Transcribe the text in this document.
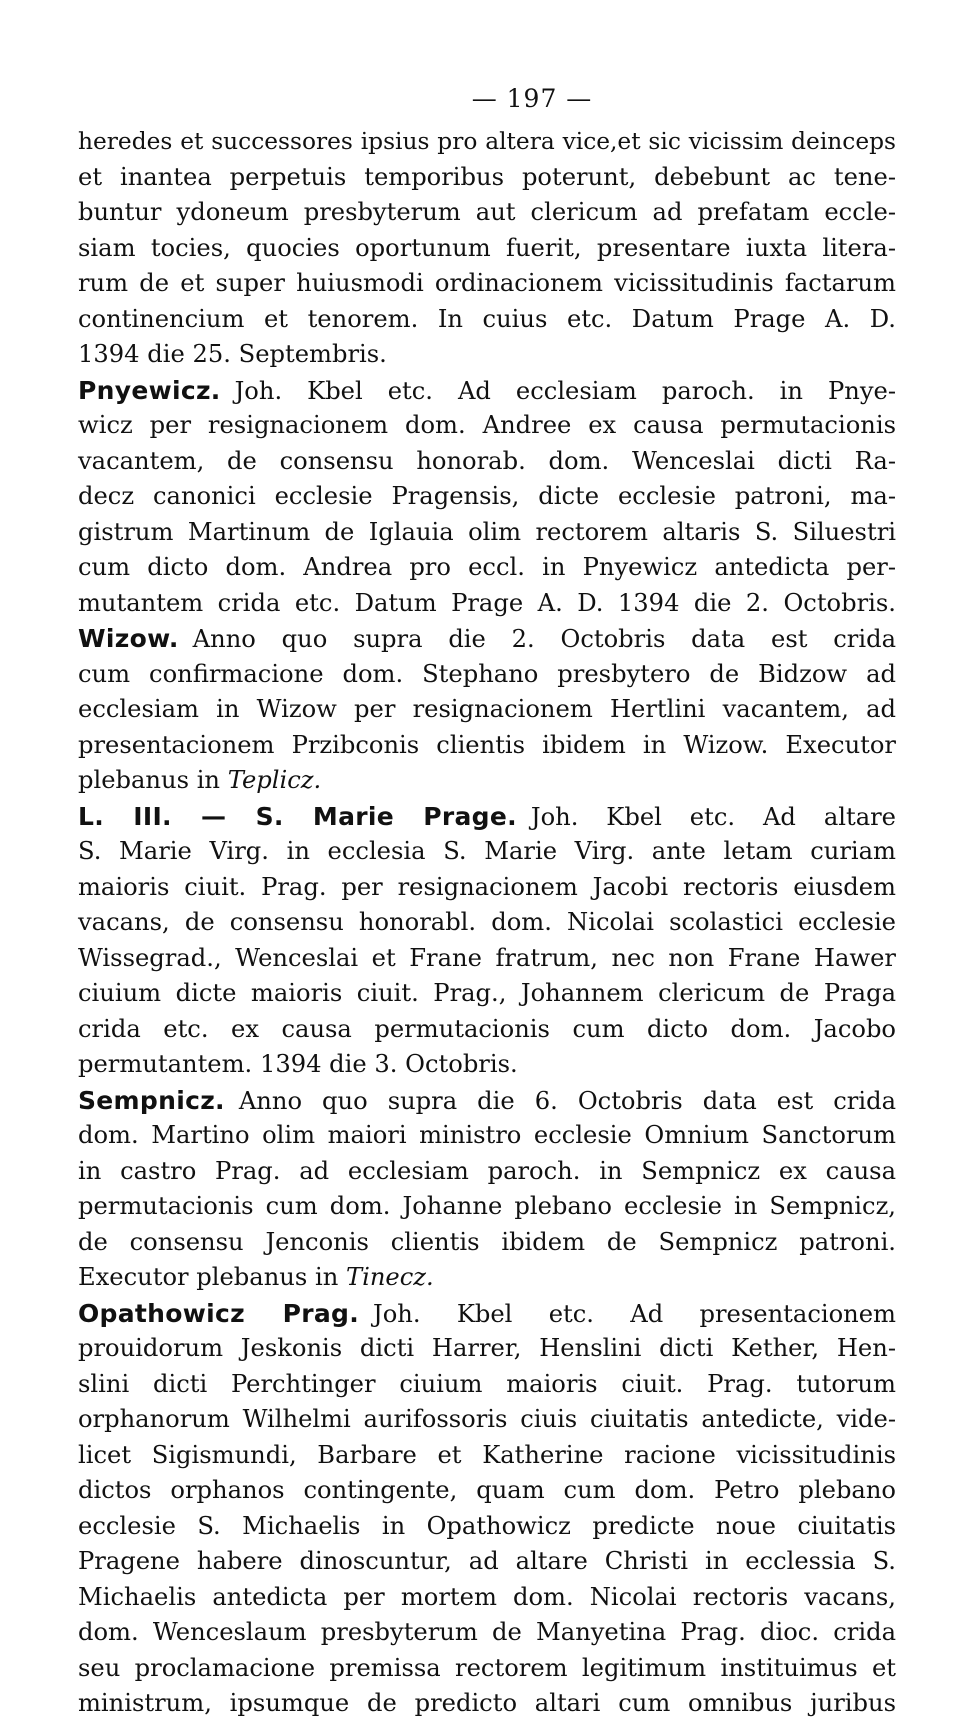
— 197 —
heredes et successores ipsius pro altera vice,et sic vicissim deinceps
et inantea perpetuis temporibus poterunt, debebunt ac tene-
buntur ydoneum presbyterum aut clericum ad prefatam eccle-
siam tocies, quocies oportunum fuerit, presentare iuxta litera-
rum de et super huiusmodi ordinacionem vicissitudinis factarum
continencium et tenorem. In cuius etc. Datum Prage A. D.
1394 die 25. Septembris.
Pnyewicz. Joh. Kbel etc. Ad ecclesiam paroch. in Pnye-
wicz per resignacionem dom. Andree ex causa permutacionis
vacantem, de consensu honorab. dom. Wenceslai dicti Ra-
decz canonici ecclesie Pragensis, dicte ecclesie patroni, ma-
gistrum Martinum de Iglauia olim rectorem altaris S. Siluestri
cum dicto dom. Andrea pro eccl. in Pnyewicz antedicta per-
mutantem crida etc. Datum Prage A. D. 1394 die 2. Octobris.
Wizow. Anno quo supra die 2. Octobris data est crida
cum confirmacione dom. Stephano presbytero de Bidzow ad
ecclesiam in Wizow per resignacionem Hertlini vacantem, ad
presentacionem Przibconis clientis ibidem in Wizow. Executor
plebanus in Teplicz.
L. III. — S. Marie Prage. Joh. Kbel etc. Ad altare
S. Marie Virg. in ecclesia S. Marie Virg. ante letam curiam
maioris ciuit. Prag. per resignacionem Jacobi rectoris eiusdem
vacans, de consensu honorabl. dom. Nicolai scolastici ecclesie
Wissegrad., Wenceslai et Frane fratrum, nec non Frane Hawer
ciuium dicte maioris ciuit. Prag., Johannem clericum de Praga
crida etc. ex causa permutacionis cum dicto dom. Jacobo
permutantem. 1394 die 3. Octobris.
Sempnicz. Anno quo supra die 6. Octobris data est crida
dom. Martino olim maiori ministro ecclesie Omnium Sanctorum
in castro Prag. ad ecclesiam paroch. in Sempnicz ex causa
permutacionis cum dom. Johanne plebano ecclesie in Sempnicz,
de consensu Jenconis clientis ibidem de Sempnicz patroni.
Executor plebanus in Tinecz.
Opathowicz Prag. Joh. Kbel etc. Ad presentacionem
prouidorum Jeskonis dicti Harrer, Henslini dicti Kether, Hen-
slini dicti Perchtinger ciuium maioris ciuit. Prag. tutorum
orphanorum Wilhelmi aurifossoris ciuis ciuitatis antedicte, vide-
licet Sigismundi, Barbare et Katherine racione vicissitudinis
dictos orphanos contingente, quam cum dom. Petro plebano
ecclesie S. Michaelis in Opathowicz predicte noue ciuitatis
Pragene habere dinoscuntur, ad altare Christi in ecclessia S.
Michaelis antedicta per mortem dom. Nicolai rectoris vacans,
dom. Wenceslaum presbyterum de Manyetina Prag. dioc. crida
seu proclamacione premissa rectorem legitimum instituimus et
ministrum, ipsumque de predicto altari cum omnibus juribus
